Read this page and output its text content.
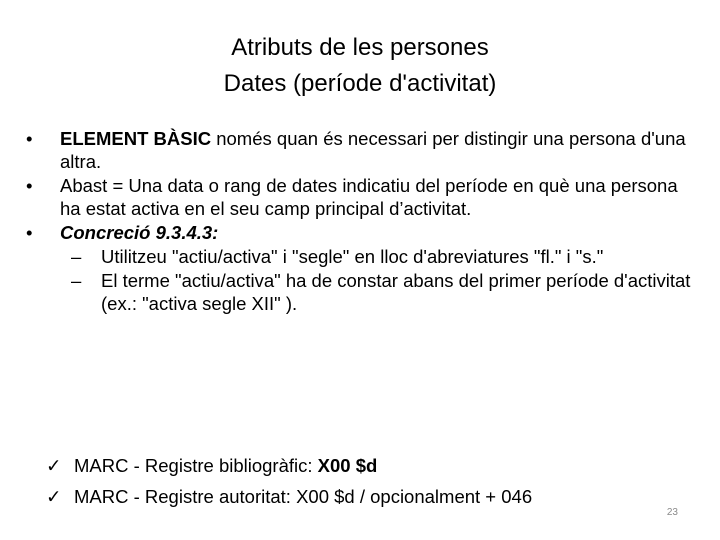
Atributs de les persones
Dates (període d'activitat)
•	ELEMENT BÀSIC només quan és necessari per distingir una persona d'una altra.
•	Abast = Una data o rang de dates indicatiu del període en què una persona ha estat activa en el seu camp principal d’activitat.
•	Concreció 9.3.4.3:
–	Utilitzeu "actiu/activa" i "segle" en lloc d'abreviatures "fl." i "s."
–	El terme "actiu/activa" ha de constar abans del primer període d'activitat (ex.: "activa segle XII" ).
✓ MARC - Registre bibliogràfic: X00 $d
✓ MARC - Registre autoritat: X00 $d / opcionalment + 046
23
